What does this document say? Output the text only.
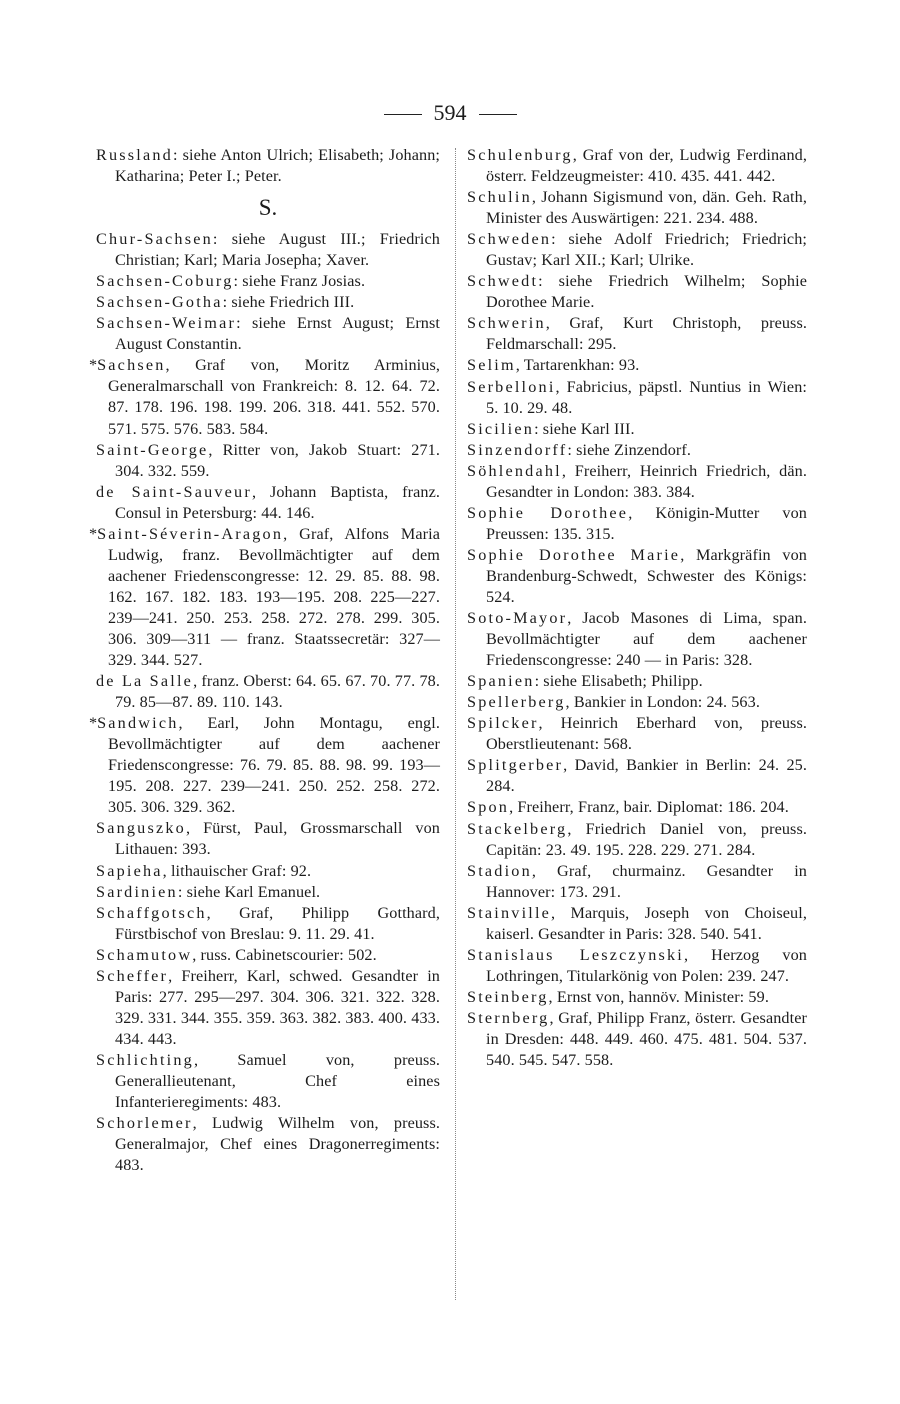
594
Russland: siehe Anton Ulrich; Elisabeth; Johann; Katharina; Peter I.; Peter.
S.
Chur-Sachsen: siehe August III.; Friedrich Christian; Karl; Maria Josepha; Xaver.
Sachsen-Coburg: siehe Franz Josias.
Sachsen-Gotha: siehe Friedrich III.
Sachsen-Weimar: siehe Ernst August; Ernst August Constantin.
*Sachsen, Graf von, Moritz Arminius, Generalmarschall von Frankreich: 8. 12. 64. 72. 87. 178. 196. 198. 199. 206. 318. 441. 552. 570. 571. 575. 576. 583. 584.
Saint-George, Ritter von, Jakob Stuart: 271. 304. 332. 559.
de Saint-Sauveur, Johann Baptista, franz. Consul in Petersburg: 44. 146.
*Saint-Séverin-Aragon, Graf, Alfons Maria Ludwig, franz. Bevollmächtigter auf dem aachener Friedenscongresse: 12. 29. 85. 88. 98. 162. 167. 182. 183. 193—195. 208. 225—227. 239—241. 250. 253. 258. 272. 278. 299. 305. 306. 309—311 — franz. Staatssecretär: 327—329. 344. 527.
de La Salle, franz. Oberst: 64. 65. 67. 70. 77. 78. 79. 85—87. 89. 110. 143.
*Sandwich, Earl, John Montagu, engl. Bevollmächtigter auf dem aachener Friedenscongresse: 76. 79. 85. 88. 98. 99. 193—195. 208. 227. 239—241. 250. 252. 258. 272. 305. 306. 329. 362.
Sanguszko, Fürst, Paul, Grossmarschall von Lithauen: 393.
Sapieha, lithauischer Graf: 92.
Sardinien: siehe Karl Emanuel.
Schaffgotsch, Graf, Philipp Gotthard, Fürstbischof von Breslau: 9. 11. 29. 41.
Schamutow, russ. Cabinetscourier: 502.
Scheffer, Freiherr, Karl, schwed. Gesandter in Paris: 277. 295—297. 304. 306. 321. 322. 328. 329. 331. 344. 355. 359. 363. 382. 383. 400. 433. 434. 443.
Schlichting, Samuel von, preuss. Generallieutenant, Chef eines Infanterieregiments: 483.
Schorlemer, Ludwig Wilhelm von, preuss. Generalmajor, Chef eines Dragonerregiments: 483.
Schulenburg, Graf von der, Ludwig Ferdinand, österr. Feldzeugmeister: 410. 435. 441. 442.
Schulin, Johann Sigismund von, dän. Geh. Rath, Minister des Auswärtigen: 221. 234. 488.
Schweden: siehe Adolf Friedrich; Friedrich; Gustav; Karl XII.; Karl; Ulrike.
Schwedt: siehe Friedrich Wilhelm; Sophie Dorothee Marie.
Schwerin, Graf, Kurt Christoph, preuss. Feldmarschall: 295.
Selim, Tartarenkhan: 93.
Serbelloni, Fabricius, päpstl. Nuntius in Wien: 5. 10. 29. 48.
Sicilien: siehe Karl III.
Sinzendorff: siehe Zinzendorf.
Söhlendahl, Freiherr, Heinrich Friedrich, dän. Gesandter in London: 383. 384.
Sophie Dorothee, Königin-Mutter von Preussen: 135. 315.
Sophie Dorothee Marie, Markgräfin von Brandenburg-Schwedt, Schwester des Königs: 524.
Soto-Mayor, Jacob Masones di Lima, span. Bevollmächtigter auf dem aachener Friedenscongresse: 240 — in Paris: 328.
Spanien: siehe Elisabeth; Philipp.
Spellerberg, Bankier in London: 24. 563.
Spilcker, Heinrich Eberhard von, preuss. Oberstlieutenant: 568.
Splitgerber, David, Bankier in Berlin: 24. 25. 284.
Spon, Freiherr, Franz, bair. Diplomat: 186. 204.
Stackelberg, Friedrich Daniel von, preuss. Capitän: 23. 49. 195. 228. 229. 271. 284.
Stadion, Graf, churmainz. Gesandter in Hannover: 173. 291.
Stainville, Marquis, Joseph von Choiseul, kaiserl. Gesandter in Paris: 328. 540. 541.
Stanislaus Leszczynski, Herzog von Lothringen, Titularkönig von Polen: 239. 247.
Steinberg, Ernst von, hannöv. Minister: 59.
Sternberg, Graf, Philipp Franz, österr. Gesandter in Dresden: 448. 449. 460. 475. 481. 504. 537. 540. 545. 547. 558.
